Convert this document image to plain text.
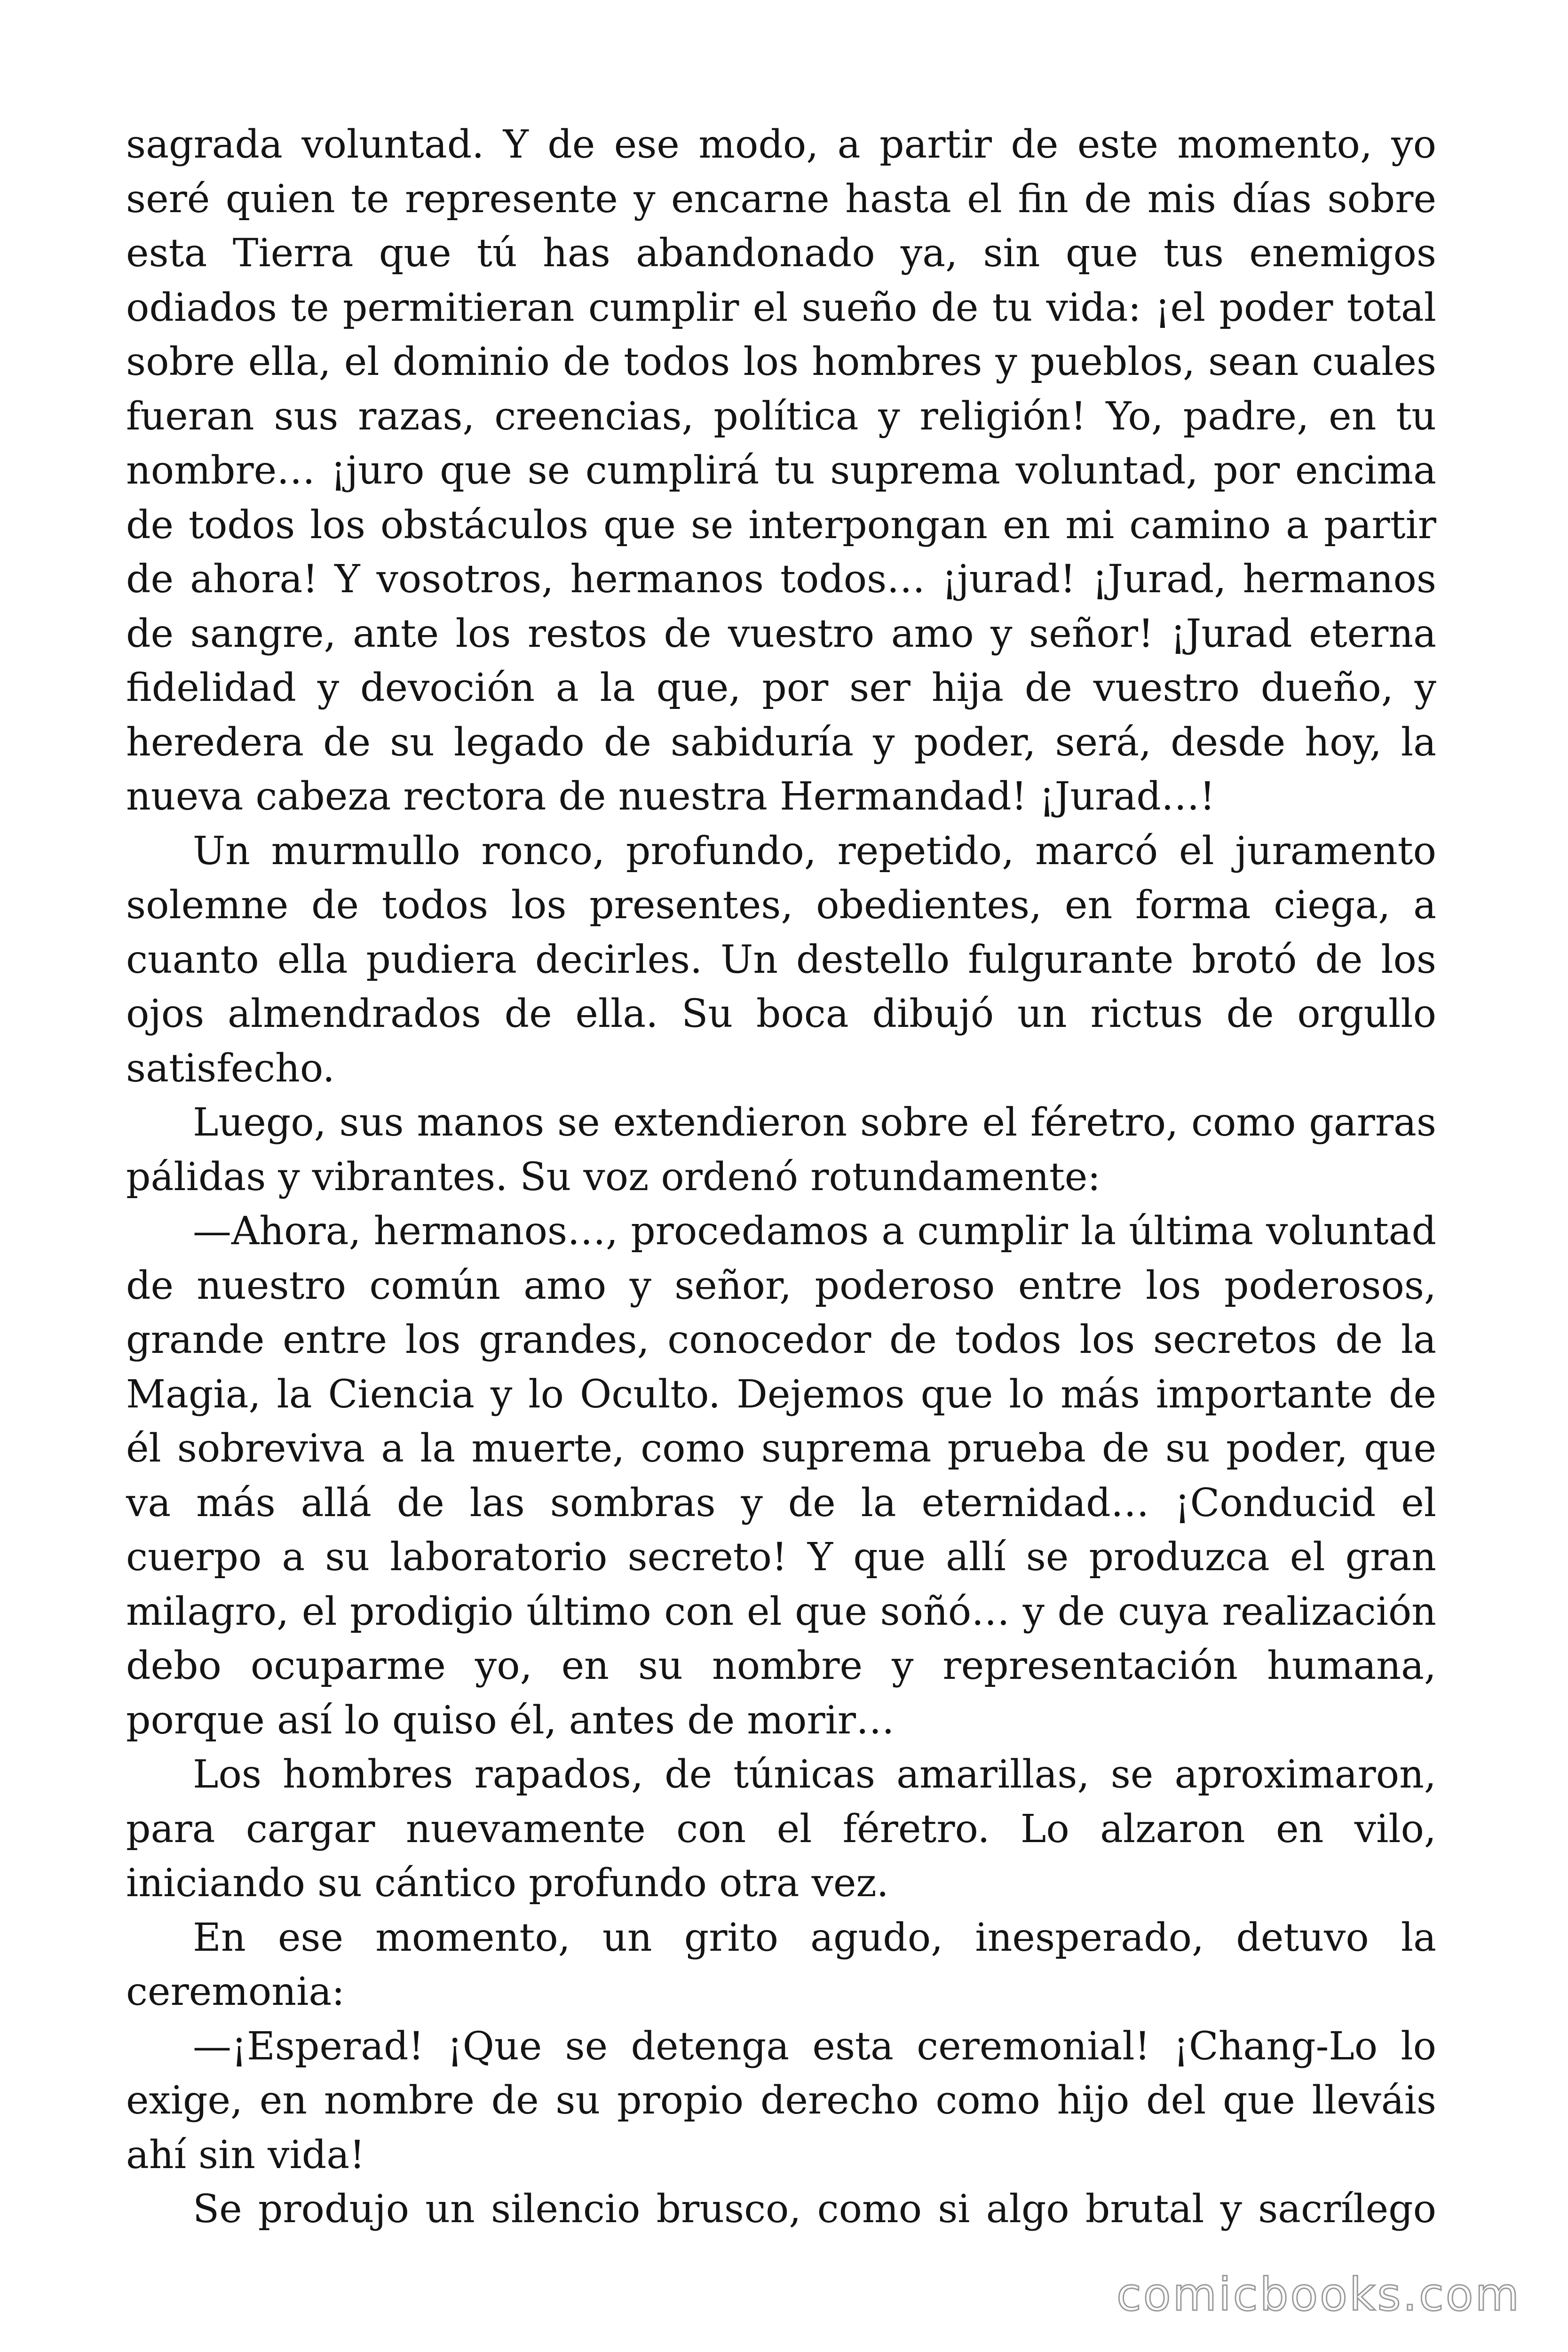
sagrada voluntad. Y de ese modo, a partir de este momento, yo seré quien te represente y encarne hasta el fin de mis días sobre esta Tierra que tú has abandonado ya, sin que tus enemigos odiados te permitieran cumplir el sueño de tu vida: ¡el poder total sobre ella, el dominio de todos los hombres y pueblos, sean cuales fueran sus razas, creencias, política y religión! Yo, padre, en tu nombre… ¡juro que se cumplirá tu suprema voluntad, por encima de todos los obstáculos que se interpongan en mi camino a partir de ahora! Y vosotros, hermanos todos… ¡jurad! ¡Jurad, hermanos de sangre, ante los restos de vuestro amo y señor! ¡Jurad eterna fidelidad y devoción a la que, por ser hija de vuestro dueño, y heredera de su legado de sabiduría y poder, será, desde hoy, la nueva cabeza rectora de nuestra Hermandad! ¡Jurad…!

Un murmullo ronco, profundo, repetido, marcó el juramento solemne de todos los presentes, obedientes, en forma ciega, a cuanto ella pudiera decirles. Un destello fulgurante brotó de los ojos almendrados de ella. Su boca dibujó un rictus de orgullo satisfecho.

Luego, sus manos se extendieron sobre el féretro, como garras pálidas y vibrantes. Su voz ordenó rotundamente:

—Ahora, hermanos…, procedamos a cumplir la última voluntad de nuestro común amo y señor, poderoso entre los poderosos, grande entre los grandes, conocedor de todos los secretos de la Magia, la Ciencia y lo Oculto. Dejemos que lo más importante de él sobreviva a la muerte, como suprema prueba de su poder, que va más allá de las sombras y de la eternidad… ¡Conducid el cuerpo a su laboratorio secreto! Y que allí se produzca el gran milagro, el prodigio último con el que soñó… y de cuya realización debo ocuparme yo, en su nombre y representación humana, porque así lo quiso él, antes de morir…

Los hombres rapados, de túnicas amarillas, se aproximaron, para cargar nuevamente con el féretro. Lo alzaron en vilo, iniciando su cántico profundo otra vez.

En ese momento, un grito agudo, inesperado, detuvo la ceremonia:

—¡Esperad! ¡Que se detenga esta ceremonial! ¡Chang-Lo lo exige, en nombre de su propio derecho como hijo del que lleváis ahí sin vida!

Se produjo un silencio brusco, como si algo brutal y sacrílego

comicbooks.com
